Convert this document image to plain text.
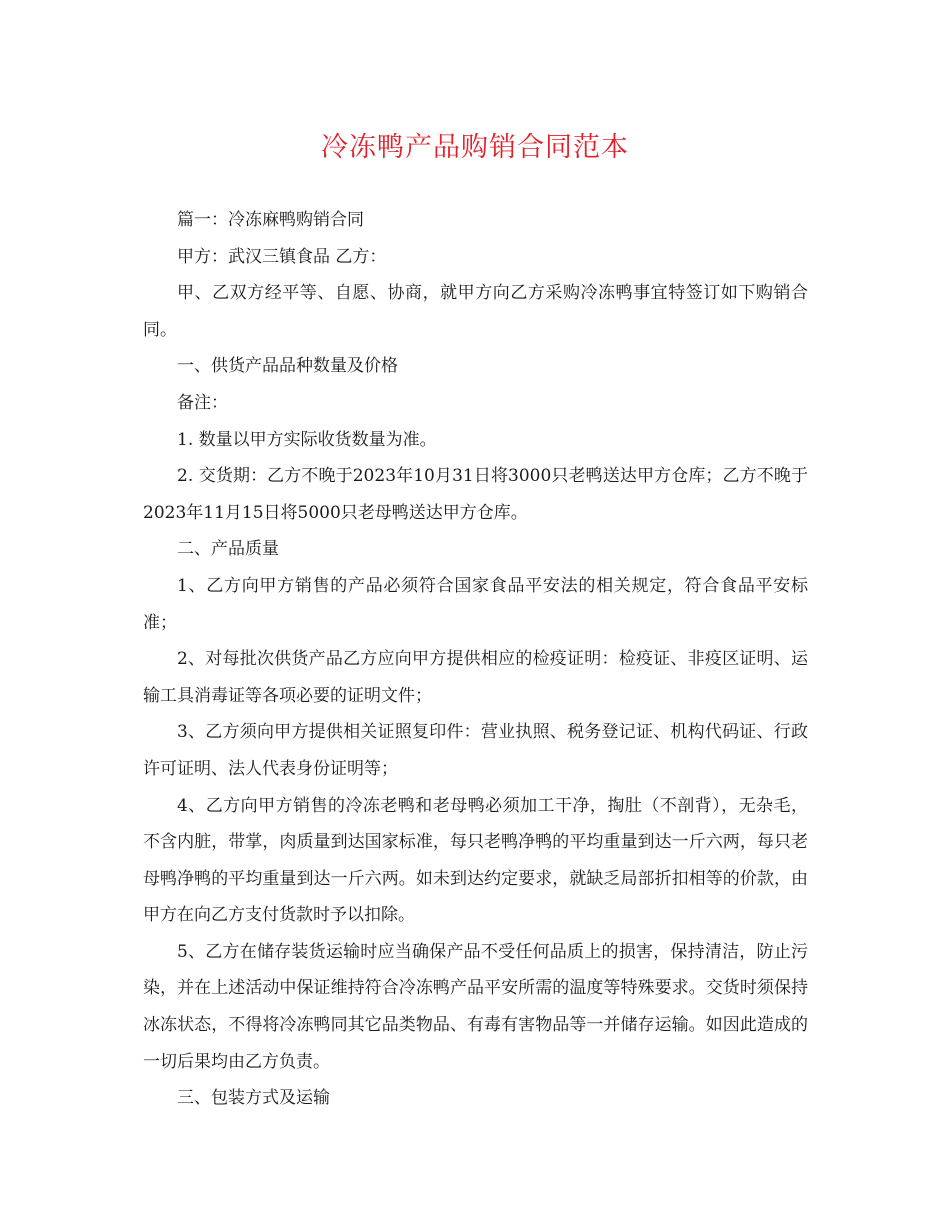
冷冻鸭产品购销合同范本

篇一：冷冻麻鸭购销合同

甲方：武汉三镇食品 乙方：

甲、乙双方经平等、自愿、协商，就甲方向乙方采购冷冻鸭事宜特签订如下购销合同。

一、供货产品品种数量及价格

备注：

1. 数量以甲方实际收货数量为准。

2. 交货期：乙方不晚于2023年10月31日将3000只老鸭送达甲方仓库；乙方不晚于2023年11月15日将5000只老母鸭送达甲方仓库。

二、产品质量

1、乙方向甲方销售的产品必须符合国家食品平安法的相关规定，符合食品平安标准；

2、对每批次供货产品乙方应向甲方提供相应的检疫证明：检疫证、非疫区证明、运输工具消毒证等各项必要的证明文件；

3、乙方须向甲方提供相关证照复印件：营业执照、税务登记证、机构代码证、行政许可证明、法人代表身份证明等；

4、乙方向甲方销售的冷冻老鸭和老母鸭必须加工干净，掏肚（不剖背），无杂毛，不含内脏，带掌，肉质量到达国家标准，每只老鸭净鸭的平均重量到达一斤六两，每只老母鸭净鸭的平均重量到达一斤六两。如未到达约定要求，就缺乏局部折扣相等的价款，由甲方在向乙方支付货款时予以扣除。

5、乙方在储存装货运输时应当确保产品不受任何品质上的损害，保持清洁，防止污染，并在上述活动中保证维持符合冷冻鸭产品平安所需的温度等特殊要求。交货时须保持冰冻状态，不得将冷冻鸭同其它品类物品、有毒有害物品等一并储存运输。如因此造成的一切后果均由乙方负责。

三、包装方式及运输
